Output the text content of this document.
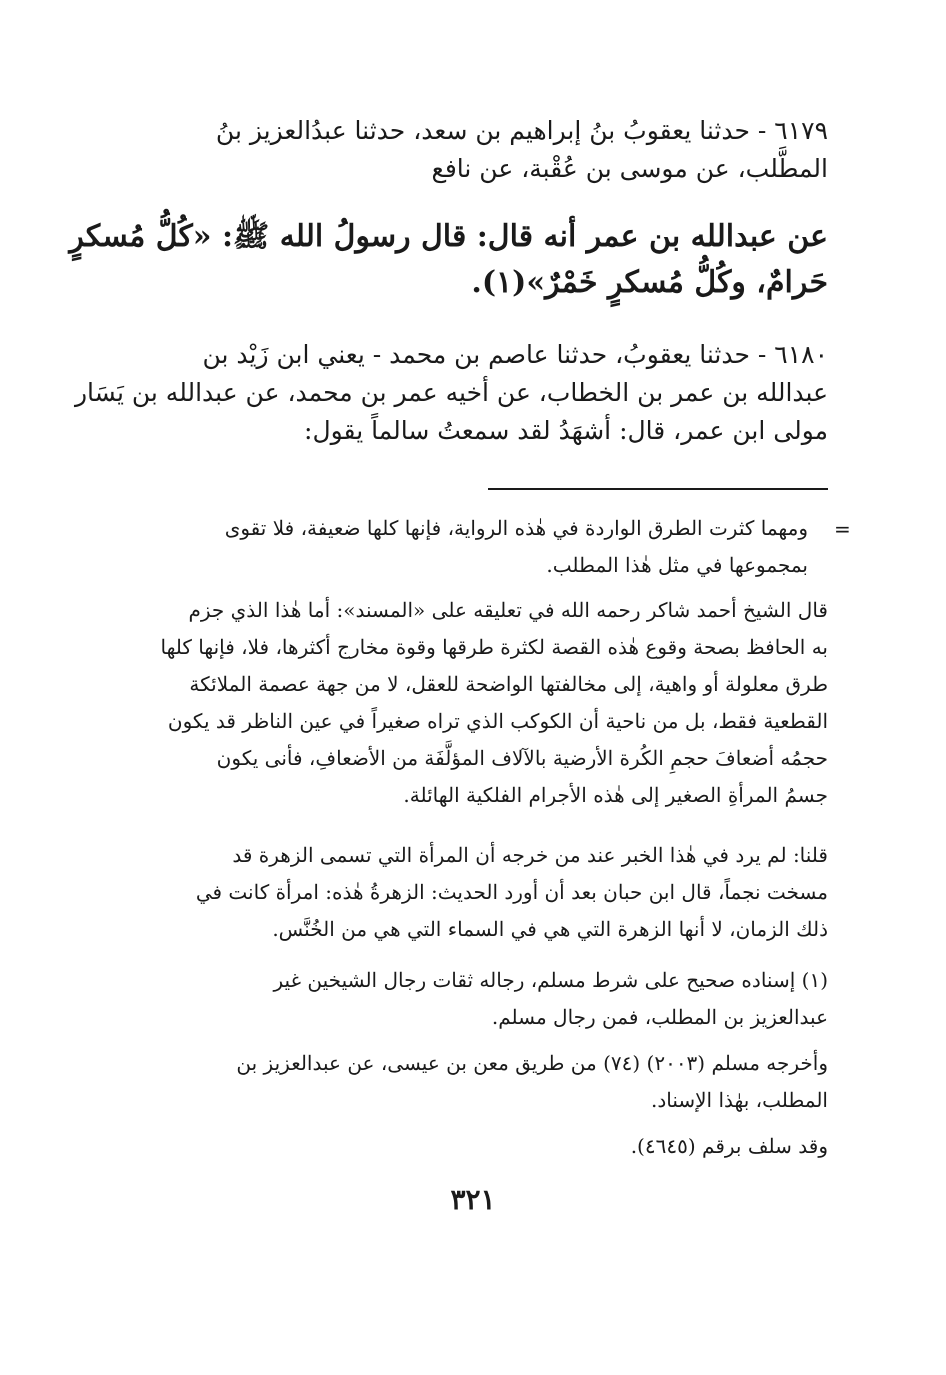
٦١٧٩ - حدثنا يعقوبُ بنُ إبراهيم بن سعد، حدثنا عبدُالعزيز بنُ
المطَّلب، عن موسى بن عُقْبة، عن نافع
عن عبدالله بن عمر أنه قال: قال رسولُ الله ﷺ: «كُلُّ مُسكرٍ
حَرامٌ، وكُلُّ مُسكرٍ خَمْرٌ»(١).
٦١٨٠ - حدثنا يعقوبُ، حدثنا عاصم بن محمد - يعني ابن زَيْد بن
عبدالله بن عمر بن الخطاب، عن أخيه عمر بن محمد، عن عبدالله بن يَسَار
مولى ابن عمر، قال: أشهَدُ لقد سمعتُ سالماً يقول:
=
ومهما كثرت الطرق الواردة في هٰذه الرواية، فإنها كلها ضعيفة، فلا تقوى
بمجموعها في مثل هٰذا المطلب.
قال الشيخ أحمد شاكر رحمه الله في تعليقه على «المسند»: أما هٰذا الذي جزم
به الحافظ بصحة وقوع هٰذه القصة لكثرة طرقها وقوة مخارج أكثرها، فلا، فإنها كلها
طرق معلولة أو واهية، إلى مخالفتها الواضحة للعقل، لا من جهة عصمة الملائكة
القطعية فقط، بل من ناحية أن الكوكب الذي تراه صغيراً في عين الناظر قد يكون
حجمُه أضعافَ حجمِ الكُرة الأرضية بالآلاف المؤلَّفَة من الأضعافِ، فأنى يكون
جسمُ المرأةِ الصغير إلى هٰذه الأجرام الفلكية الهائلة.
قلنا: لم يرد في هٰذا الخبر عند من خرجه أن المرأة التي تسمى الزهرة قد
مسخت نجماً، قال ابن حبان بعد أن أورد الحديث: الزهرةُ هٰذه: امرأة كانت في
ذلك الزمان، لا أنها الزهرة التي هي في السماء التي هي من الخُنَّس.
(١) إسناده صحيح على شرط مسلم، رجاله ثقات رجال الشيخين غير
عبدالعزيز بن المطلب، فمن رجال مسلم.
وأخرجه مسلم (٢٠٠٣) (٧٤) من طريق معن بن عيسى، عن عبدالعزيز بن
المطلب، بهٰذا الإسناد.
وقد سلف برقم (٤٦٤٥).
٣٢١
